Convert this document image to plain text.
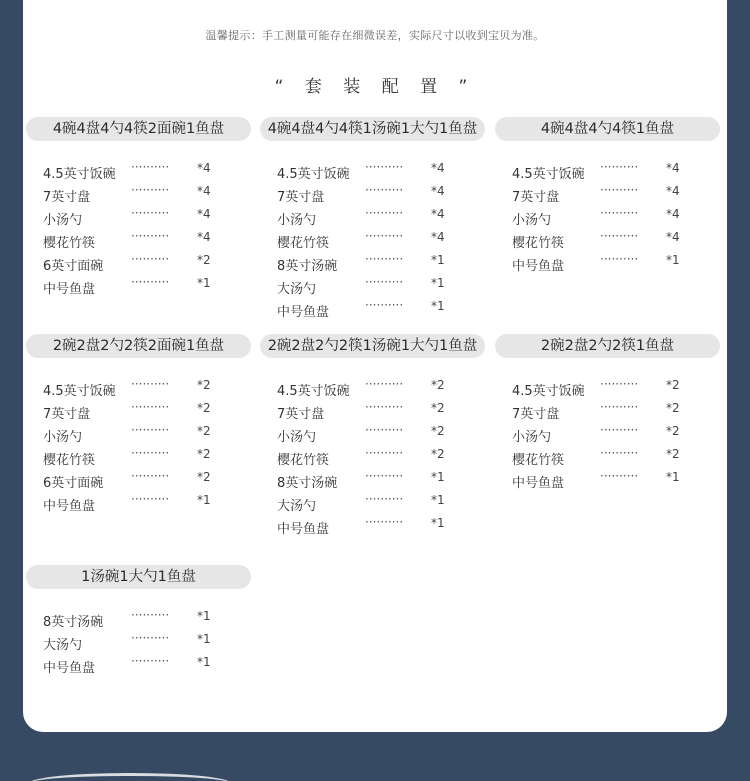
温馨提示：手工测量可能存在细微误差，实际尺寸以收到宝贝为准。
“ 套 装 配 置 ”
4碗4盘4勺4筷2面碗1鱼盘
4.5英寸饭碗 ·········· *4
7英寸盘	·········· *4
小汤勺	·········· *4
樱花竹筷	·········· *4
6英寸面碗 ·········· *2
中号鱼盘	·········· *1
4碗4盘4勺4筷1汤碗1大勺1鱼盘
4.5英寸饭碗 ·········· *4
7英寸盘	·········· *4
小汤勺	·········· *4
樱花竹筷	·········· *4
8英寸汤碗 ·········· *1
大汤勺	·········· *1
中号鱼盘	·········· *1
4碗4盘4勺4筷1鱼盘
4.5英寸饭碗 ·········· *4
7英寸盘	·········· *4
小汤勺	·········· *4
樱花竹筷	·········· *4
中号鱼盘	·········· *1
2碗2盘2勺2筷2面碗1鱼盘
4.5英寸饭碗 ·········· *2
7英寸盘	·········· *2
小汤勺	·········· *2
樱花竹筷	·········· *2
6英寸面碗 ·········· *2
中号鱼盘	·········· *1
2碗2盘2勺2筷1汤碗1大勺1鱼盘
4.5英寸饭碗 ·········· *2
7英寸盘	·········· *2
小汤勺	·········· *2
樱花竹筷	·········· *2
8英寸汤碗 ·········· *1
大汤勺	·········· *1
中号鱼盘	·········· *1
2碗2盘2勺2筷1鱼盘
4.5英寸饭碗 ·········· *2
7英寸盘	·········· *2
小汤勺	·········· *2
樱花竹筷	·········· *2
中号鱼盘	·········· *1
1汤碗1大勺1鱼盘
8英寸汤碗 ·········· *1
大汤勺	·········· *1
中号鱼盘	·········· *1
